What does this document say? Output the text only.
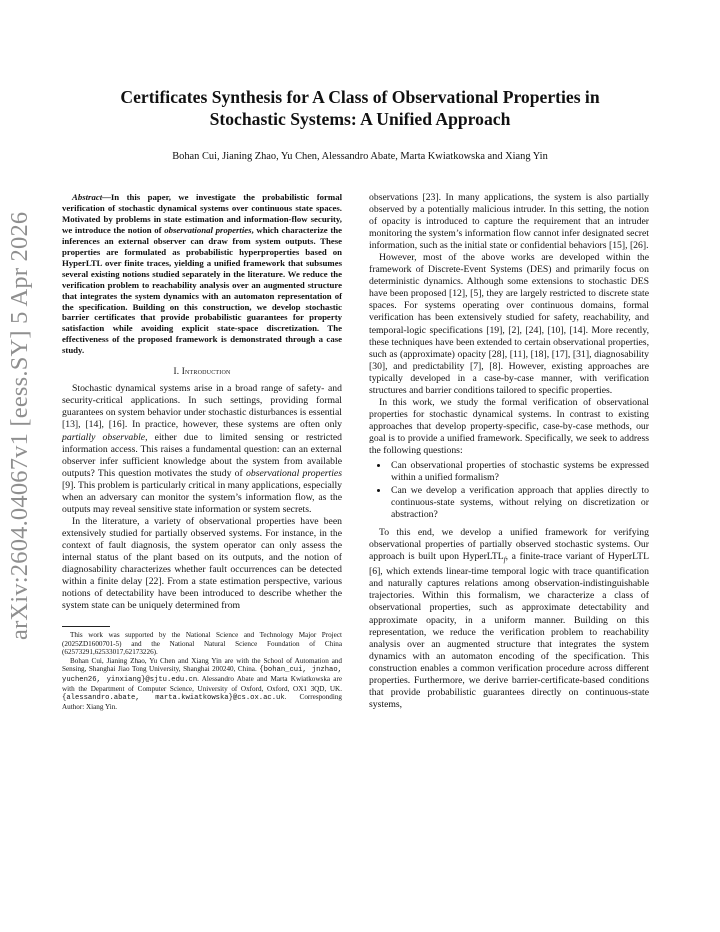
arXiv:2604.04067v1 [eess.SY] 5 Apr 2026
Certificates Synthesis for A Class of Observational Properties in
Stochastic Systems: A Unified Approach
Bohan Cui, Jianing Zhao, Yu Chen, Alessandro Abate, Marta Kwiatkowska and Xiang Yin

Abstract—In this paper, we investigate the probabilistic formal verification of stochastic dynamical systems over continuous state spaces. Motivated by problems in state estimation and information-flow security, we introduce the notion of observational properties, which characterize the inferences an external observer can draw from system outputs. These properties are formulated as probabilistic hyperproperties based on HyperLTL over finite traces, yielding a unified framework that subsumes several existing notions studied separately in the literature. We reduce the verification problem to reachability analysis over an augmented structure that integrates the system dynamics with an automaton representation of the specification. Building on this construction, we develop stochastic barrier certificates that provide probabilistic guarantees for property satisfaction while avoiding explicit state-space discretization. The effectiveness of the proposed framework is demonstrated through a case study.

I. Introduction

Stochastic dynamical systems arise in a broad range of safety- and security-critical applications. In such settings, providing formal guarantees on system behavior under stochastic disturbances is essential [13], [14], [16]. In practice, however, these systems are often only partially observable, either due to limited sensing or restricted information access. This raises a fundamental question: can an external observer infer sufficient knowledge about the system from available outputs? This question motivates the study of observational properties [9]. This problem is particularly critical in many applications, especially when an adversary can monitor the system’s information flow, as the outputs may reveal sensitive state information or system secrets.

In the literature, a variety of observational properties have been extensively studied for partially observed systems. For instance, in the context of fault diagnosis, the system operator can only assess the internal status of the plant based on its outputs, and the notion of diagnosability characterizes whether fault occurrences can be detected within a finite delay [22]. From a state estimation perspective, various notions of detectability have been introduced to describe whether the system state can be uniquely determined from

This work was supported by the National Science and Technology Major Project (2025ZD1600701-5) and the National Natural Science Foundation of China (62573291,62533017,62173226).

Bohan Cui, Jianing Zhao, Yu Chen and Xiang Yin are with the School of Automation and Sensing, Shanghai Jiao Tong University, Shanghai 200240, China. {bohan_cui, jnzhao, yuchen26, yinxiang}@sjtu.edu.cn. Alessandro Abate and Marta Kwiatkowska are with the Department of Computer Science, University of Oxford, Oxford, OX1 3QD, UK. {alessandro.abate, marta.kwiatkowska}@cs.ox.ac.uk. Corresponding Author: Xiang Yin.

observations [23]. In many applications, the system is also partially observed by a potentially malicious intruder. In this setting, the notion of opacity is introduced to capture the requirement that an intruder monitoring the system’s information flow cannot infer designated secret information, such as the initial state or confidential behaviors [15], [26].

However, most of the above works are developed within the framework of Discrete-Event Systems (DES) and primarily focus on deterministic dynamics. Although some extensions to stochastic DES have been proposed [12], [5], they are largely restricted to discrete state spaces. For systems operating over continuous domains, formal verification has been extensively studied for safety, reachability, and temporal-logic specifications [19], [2], [24], [10], [14]. More recently, these techniques have been extended to certain observational properties, such as (approximate) opacity [28], [11], [18], [17], [31], diagnosability [30], and predictability [7], [8]. However, existing approaches are typically developed in a case-by-case manner, with verification structures and barrier conditions tailored to specific properties.

In this work, we study the formal verification of observational properties for stochastic dynamical systems. In contrast to existing approaches that develop property-specific, case-by-case methods, our goal is to provide a unified framework. Specifically, we seek to address the following questions:

• Can observational properties of stochastic systems be expressed within a unified formalism?
• Can we develop a verification approach that applies directly to continuous-state systems, without relying on discretization or abstraction?

To this end, we develop a unified framework for verifying observational properties of partially observed stochastic systems. Our approach is built upon HyperLTL$_f$, a finite-trace variant of HyperLTL [6], which extends linear-time temporal logic with trace quantification and naturally captures relations among observation-indistinguishable trajectories. Within this formalism, we characterize a class of observational properties, such as approximate detectability and approximate opacity, in a uniform manner. Building on this representation, we reduce the verification problem to reachability analysis over an augmented structure that integrates the system dynamics with an automaton encoding of the specification. This construction enables a common verification procedure across different properties. Furthermore, we derive barrier-certificate-based conditions that provide probabilistic guarantees directly on continuous-state systems,
